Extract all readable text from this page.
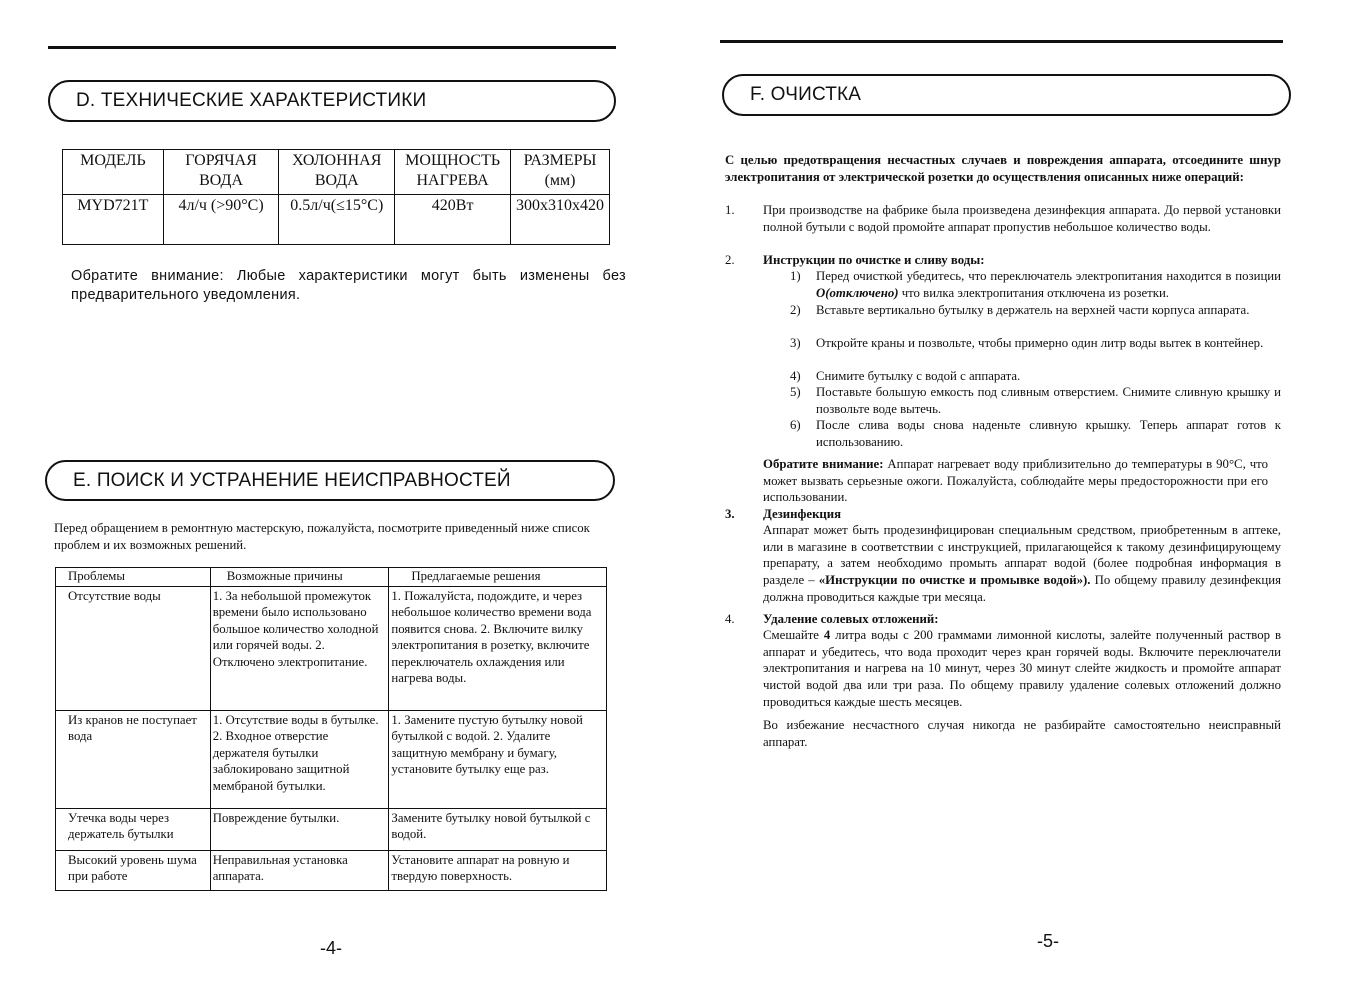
D. ТЕХНИЧЕСКИЕ ХАРАКТЕРИСТИКИ
МОДЕЛЬ	ГОРЯЧАЯ ВОДА	ХОЛОННАЯ ВОДА	МОЩНОСТЬ НАГРЕВА	РАЗМЕРЫ (мм)
MYD721T	4л/ч (>90°С)	0.5л/ч(≤15°С)	420Вт	300x310x420
Обратите внимание: Любые характеристики могут быть изменены без предварительного уведомления.
E. ПОИСК И УСТРАНЕНИЕ НЕИСПРАВНОСТЕЙ
Перед обращением в ремонтную мастерскую, пожалуйста, посмотрите приведенный ниже список проблем и их возможных решений.
Проблемы	Возможные причины	Предлагаемые решения
Отсутствие воды	1. За небольшой промежуток времени было использовано большое количество холодной или горячей воды. 2. Отключено электропитание.	1. Пожалуйста, подождите, и через небольшое количество времени вода появится снова. 2. Включите вилку электропитания в розетку, включите переключатель охлаждения или нагрева воды.
Из кранов не поступает вода	1. Отсутствие воды в бутылке. 2. Входное отверстие держателя бутылки заблокировано защитной мембраной бутылки.	1. Замените пустую бутылку новой бутылкой с водой. 2. Удалите защитную мембрану и бумагу, установите бутылку еще раз.
Утечка воды через держатель бутылки	Повреждение бутылки.	Замените бутылку новой бутылкой с водой.
Высокий уровень шума при работе	Неправильная установка аппарата.	Установите аппарат на ровную и твердую поверхность.
-4-
F. ОЧИСТКА
С целью предотвращения несчастных случаев и повреждения аппарата, отсоедините шнур электропитания от электрической розетки до осуществления описанных ниже операций:
1. При производстве на фабрике была произведена дезинфекция аппарата. До первой установки полной бутыли с водой промойте аппарат пропустив небольшое количество воды.
2. Инструкции по очистке и сливу воды:
1) Перед очисткой убедитесь, что переключатель электропитания находится в позиции O(отключено) что вилка электропитания отключена из розетки.
2) Вставьте вертикально бутылку в держатель на верхней части корпуса аппарата.
3) Откройте краны и позвольте, чтобы примерно один литр воды вытек в контейнер.
4) Снимите бутылку с водой с аппарата.
5) Поставьте большую емкость под сливным отверстием. Снимите сливную крышку и позвольте воде вытечь.
6) После слива воды снова наденьте сливную крышку. Теперь аппарат готов к использованию.
Обратите внимание: Аппарат нагревает воду приблизительно до температуры в 90°С, что может вызвать серьезные ожоги. Пожалуйста, соблюдайте меры предосторожности при его использовании.
3. Дезинфекция
Аппарат может быть продезинфицирован специальным средством, приобретенным в аптеке, или в магазине в соответствии с инструкцией, прилагающейся к такому дезинфицирующему препарату, а затем необходимо промыть аппарат водой (более подробная информация в разделе – «Инструкции по очистке и промывке водой»). По общему правилу дезинфекция должна проводиться каждые три месяца.
4. Удаление солевых отложений:
Смешайте 4 литра воды с 200 граммами лимонной кислоты, залейте полученный раствор в аппарат и убедитесь, что вода проходит через кран горячей воды. Включите переключатели электропитания и нагрева на 10 минут, через 30 минут слейте жидкость и промойте аппарат чистой водой два или три раза. По общему правилу удаление солевых отложений должно проводиться каждые шесть месяцев.
Во избежание несчастного случая никогда не разбирайте самостоятельно неисправный аппарат.
-5-
